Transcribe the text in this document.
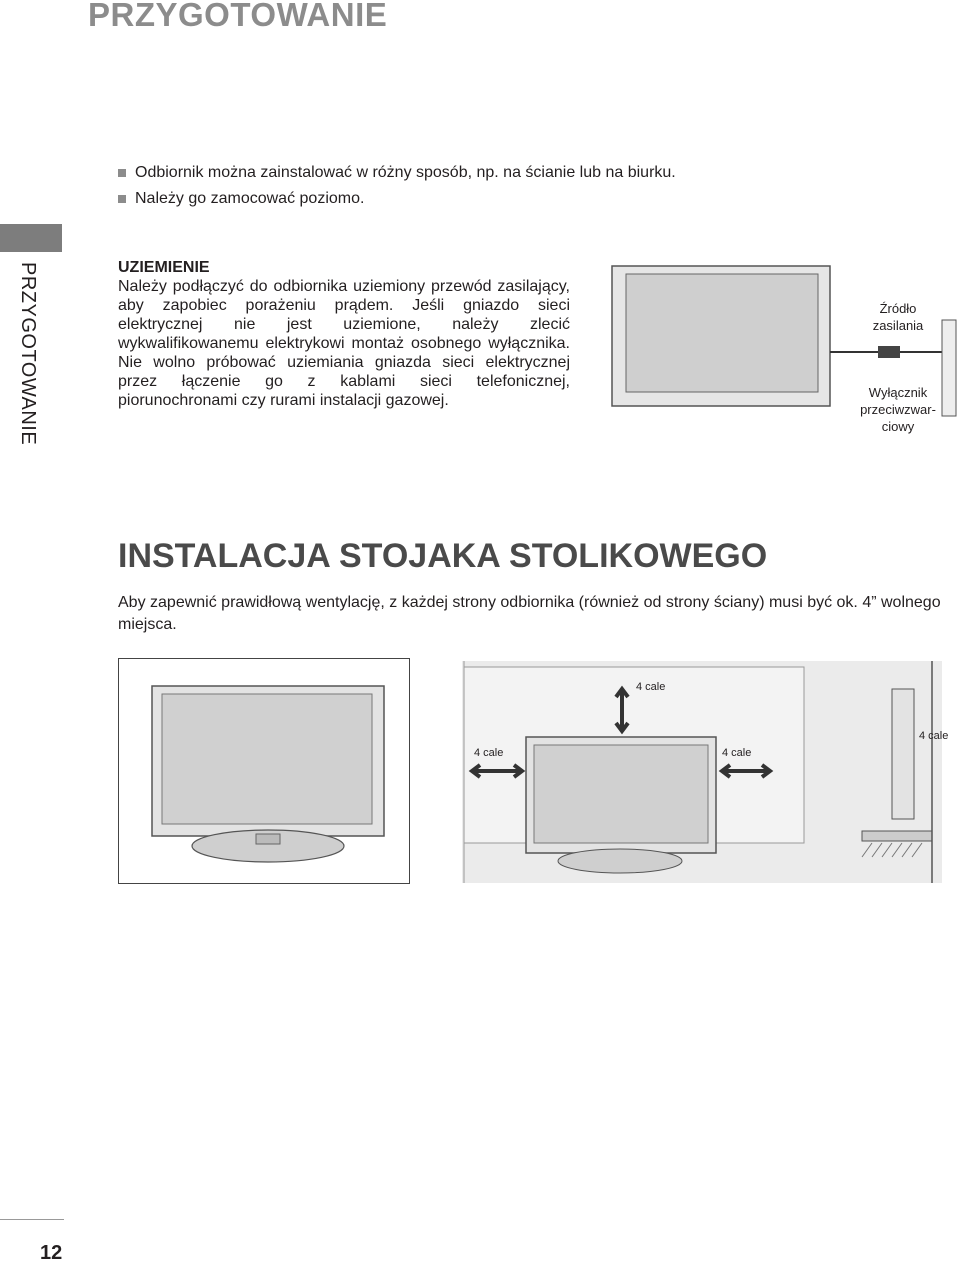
PRZYGOTOWANIE
Odbiornik można zainstalować w różny sposób, np. na ścianie lub na biurku.
Należy go zamocować poziomo.
PRZYGOTOWANIE	UZIEMIENIE

Należy podłączyć do odbiornika uziemiony przewód zasilający, aby zapobiec porażeniu prądem. Jeśli gniazdo sieci elektrycznej nie jest uziemione, należy zlecić wykwalifikowanemu elektrykowi montaż osobnego wyłącznika. Nie wolno próbować uziemiania gniazda sieci elektrycznej przez łączenie go z kablami sieci telefonicznej, piorunochronami czy rurami instalacji gazowej.

Źródło
zasilania
Wyłącznik
przeciwzwar-
ciowy
INSTALACJA STOJAKA STOLIKOWEGO
Aby zapewnić prawidłową wentylację, z każdej strony odbiornika (również od strony ściany) musi być ok. 4” wolnego miejsca.
4 cale
4 cale	4 cale
4 cale
12
